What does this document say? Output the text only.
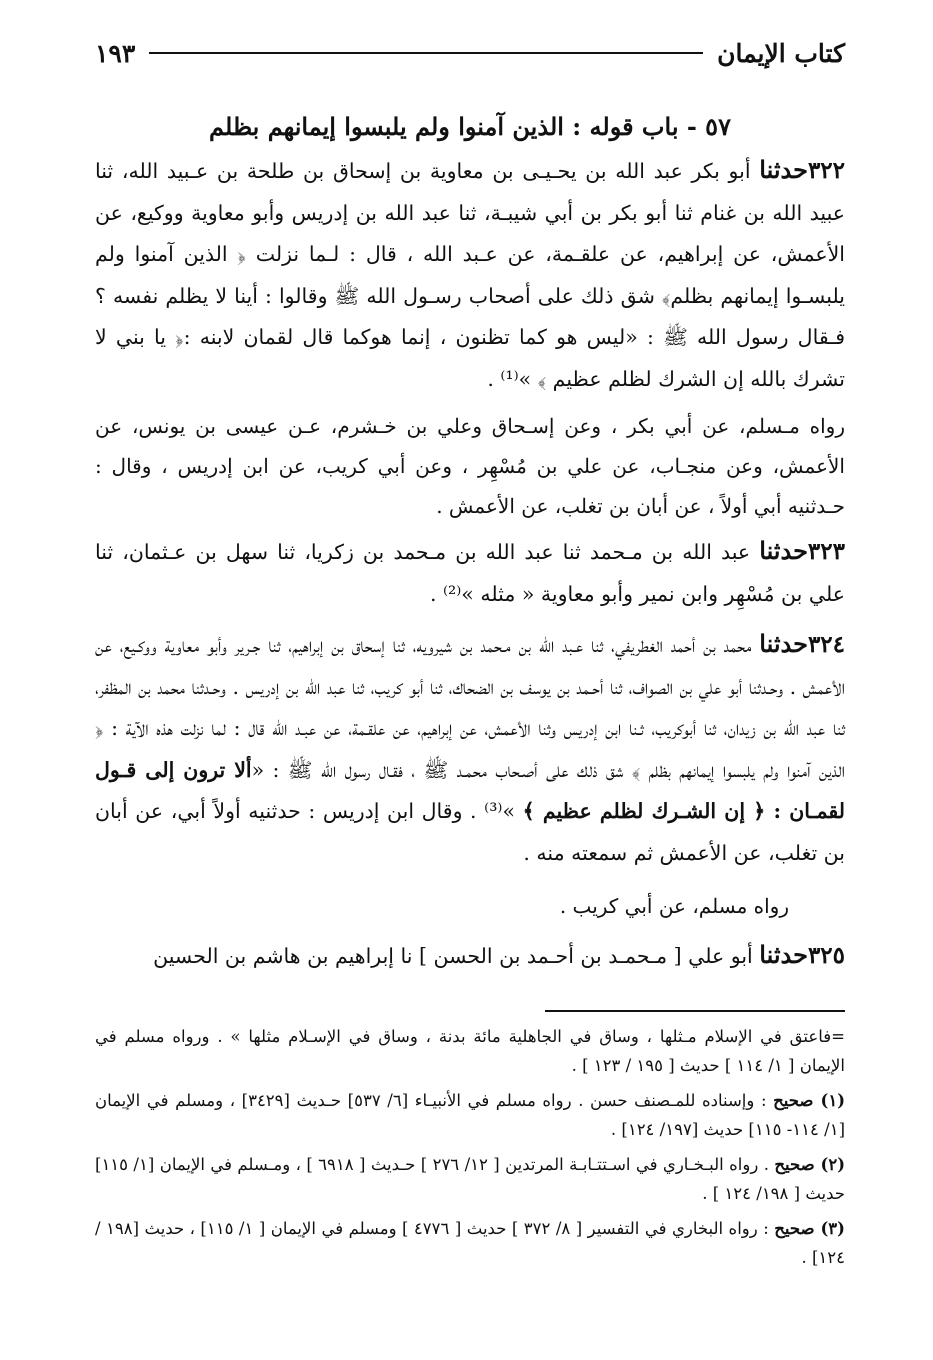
كتاب الإيمان
١٩٣
٥٧ - باب قوله : الذين آمنوا ولم يلبسوا إيمانهم بظلم

٣٢٢حدثنا أبو بكر عبد الله بن يحـيـى بن معاوية بن إسحاق بن طلحة بن عـبيد الله، ثنا عبيد الله بن غنام ثنا أبو بكر بن أبي شيبـة، ثنا عبد الله بن إدريس وأبو معاوية ووكيع، عن الأعمش، عن إبراهيم، عن علقـمة، عن عـبد الله ، قال : لـما نزلت ﴿ الذين آمنوا ولم يلبسـوا إيمانهم بظلم﴾ شق ذلك على أصحاب رسـول الله ﷺ وقالوا : أينا لا يظلم نفسه ؟ فـقال رسول الله ﷺ : «ليس هو كما تظنون ، إنما هوكما قال لقمان لابنه :﴿ يا بني لا تشرك بالله إن الشرك لظلم عظيم ﴾ »⁽¹⁾ .

رواه مـسلم، عن أبي بكر ، وعن إسـحاق وعلي بن خـشرم، عـن عيسى بن يونس، عن الأعمش، وعن منجـاب، عن علي بن مُسْهِر ، وعن أبي كريب، عن ابن إدريس ، وقال : حـدثنيه أبي أولاً ، عن أبان بن تغلب، عن الأعمش .

٣٢٣حدثنا عبد الله بن مـحمد ثنا عبد الله بن مـحمد بن زكريا، ثنا سهل بن عـثمان، ثنا علي بن مُسْهِر وابن نمير وأبو معاوية « مثله »⁽²⁾ .

٣٢٤حدثنا محمد بن أحمد الغطريفي، ثنا عـبد الله بن مـحمد بن شيرويه، ثنا إسحاق بن إبراهيم، ثنا جـرير وأبو معاوية ووكـيع، عن الأعمش . وحـدثنا أبو علي بن الصواف، ثنا أحـمد بن يوسف بن الضحاك، ثنا أبو كريب، ثنا عبد الله بن إدريس . وحـدثنا محمد بن المظفر، ثنا عبد الله بن زيدان، ثنا أبوكريب، ثـنا ابن إدريس وثنا الأعمش، عن إبراهيم، عن علقـمة، عن عبـد الله قال : لما نزلت هذه الآية : ﴿ الذين آمنوا ولم يلبسوا إيمانهم بظلم ﴾ شق ذلك على أصـحاب محمـد ﷺ ، فقـال رسول الله ﷺ : «ألا ترون إلى قـول لقمـان : ﴿ إن الشـرك لظلم عظيم ﴾ »⁽³⁾ . وقال ابن إدريس : حدثنيه أولاً أبي، عن أبان بن تغلب، عن الأعمش ثم سمعته منه .

رواه مسلم، عن أبي كريب .

٣٢٥حدثنا أبو علي [ مـحمـد بن أحـمد بن الحسن ] نا إبراهيم بن هاشم بن الحسين

=فاعتق في الإسلام مـثلها ، وساق في الجاهلية مائة بدنة ، وساق في الإسـلام مثلها » . ورواه مسلم في الإيمان [ ١/ ١١٤ ] حديث [ ١٩٥ / ١٢٣ ] .

(١) صحيح : وإسناده للمـصنف حسن . رواه مسلم في الأنبيـاء [٦/ ٥٣٧] حـديث [٣٤٢٩] ، ومسلم في الإيمان [١/ ١١٤- ١١٥] حديث [١٩٧/ ١٢٤] .

(٢) صحيح . رواه البـخـاري في اسـتتـابـة المرتدين [ ١٢/ ٢٧٦ ] حـديث [ ٦٩١٨ ] ، ومـسلم في الإيمان [١/ ١١٥] حديث [ ١٩٨/ ١٢٤ ] .

(٣) صحيح : رواه البخاري في التفسير [ ٨/ ٣٧٢ ] حديث [ ٤٧٧٦ ] ومسلم في الإيمان [ ١/ ١١٥] ، حديث [١٩٨ / ١٢٤] .
